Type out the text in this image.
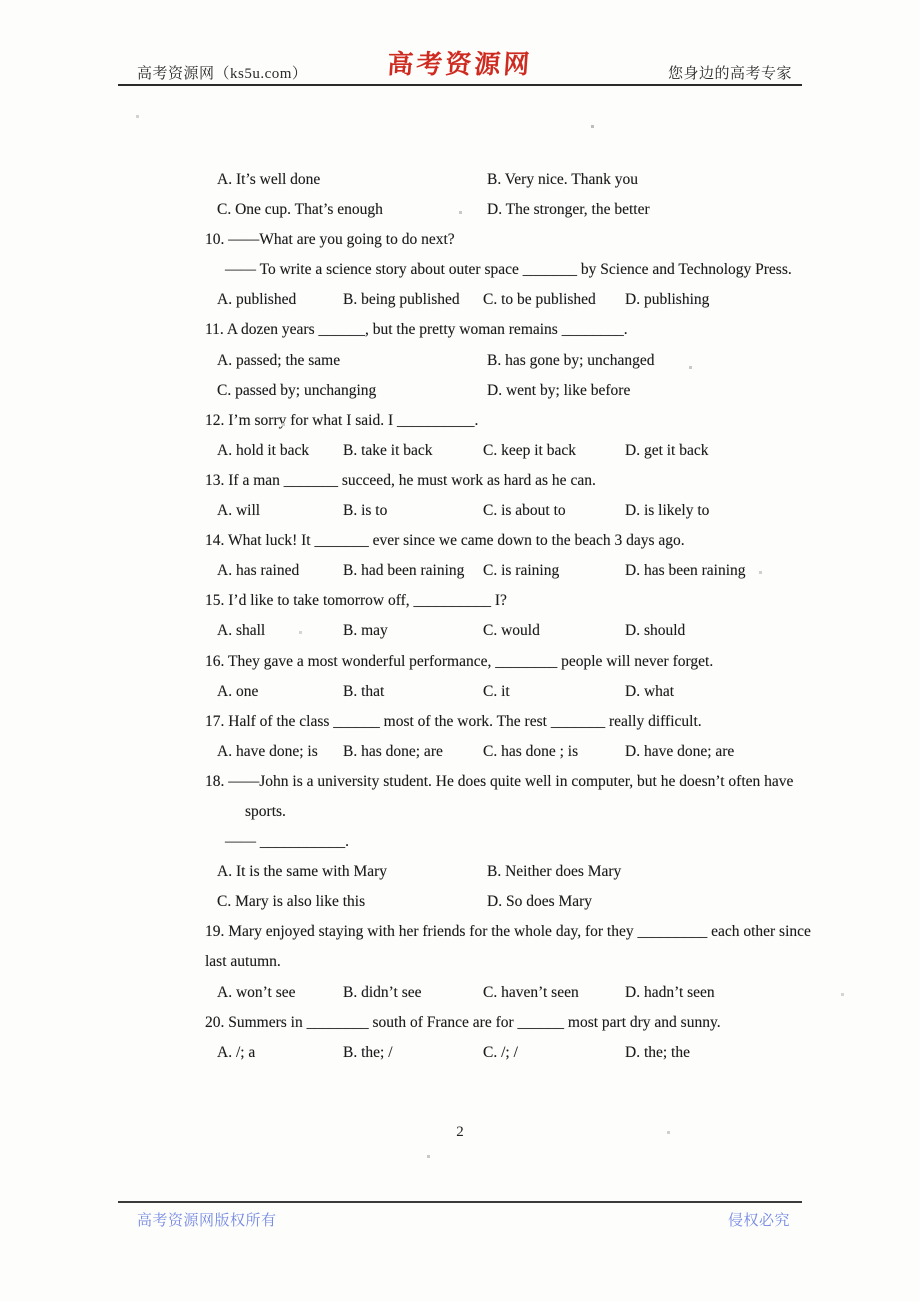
高考资源网（ks5u.com）	高考资源网	您身边的高考专家
A. It’s well done	B. Very nice. Thank you
C. One cup. That’s enough	D. The stronger, the better
10. ——What are you going to do next?
—— To write a science story about outer space _______ by Science and Technology Press.
A. published	B. being published C. to be published D. publishing
11. A dozen years ______, but the pretty woman remains ________.
A. passed; the same	B. has gone by; unchanged
C. passed by; unchanging	D. went by; like before
12. I’m sorry for what I said. I __________.
A. hold it back B. take it back	C. keep it back	D. get it back
13. If a man _______ succeed, he must work as hard as he can.
A. will	B. is to	C. is about to	D. is likely to
14. What luck! It _______ ever since we came down to the beach 3 days ago.
A. has rained	B. had been raining C. is raining	D. has been raining
15. I’d like to take tomorrow off, __________ I?
A. shall	B. may	C. would	D. should
16. They gave a most wonderful performance, ________ people will never forget.
A. one	B. that	C. it	D. what
17. Half of the class ______ most of the work. The rest _______ really difficult.
A. have done; is B. has done; are	C. has done ; is	D. have done; are
18. ——John is a university student. He does quite well in computer, but he doesn’t often have
sports.
—— ___________.
A. It is the same with Mary	B. Neither does Mary
C. Mary is also like this	D. So does Mary
19. Mary enjoyed staying with her friends for the whole day, for they _________ each other since
last autumn.
A. won’t see	B. didn’t see	C. haven’t seen	D. hadn’t seen
20. Summers in ________ south of France are for ______ most part dry and sunny.
A. /; a	B. the; /	C. /; /	D. the; the
2
高考资源网版权所有	侵权必究
